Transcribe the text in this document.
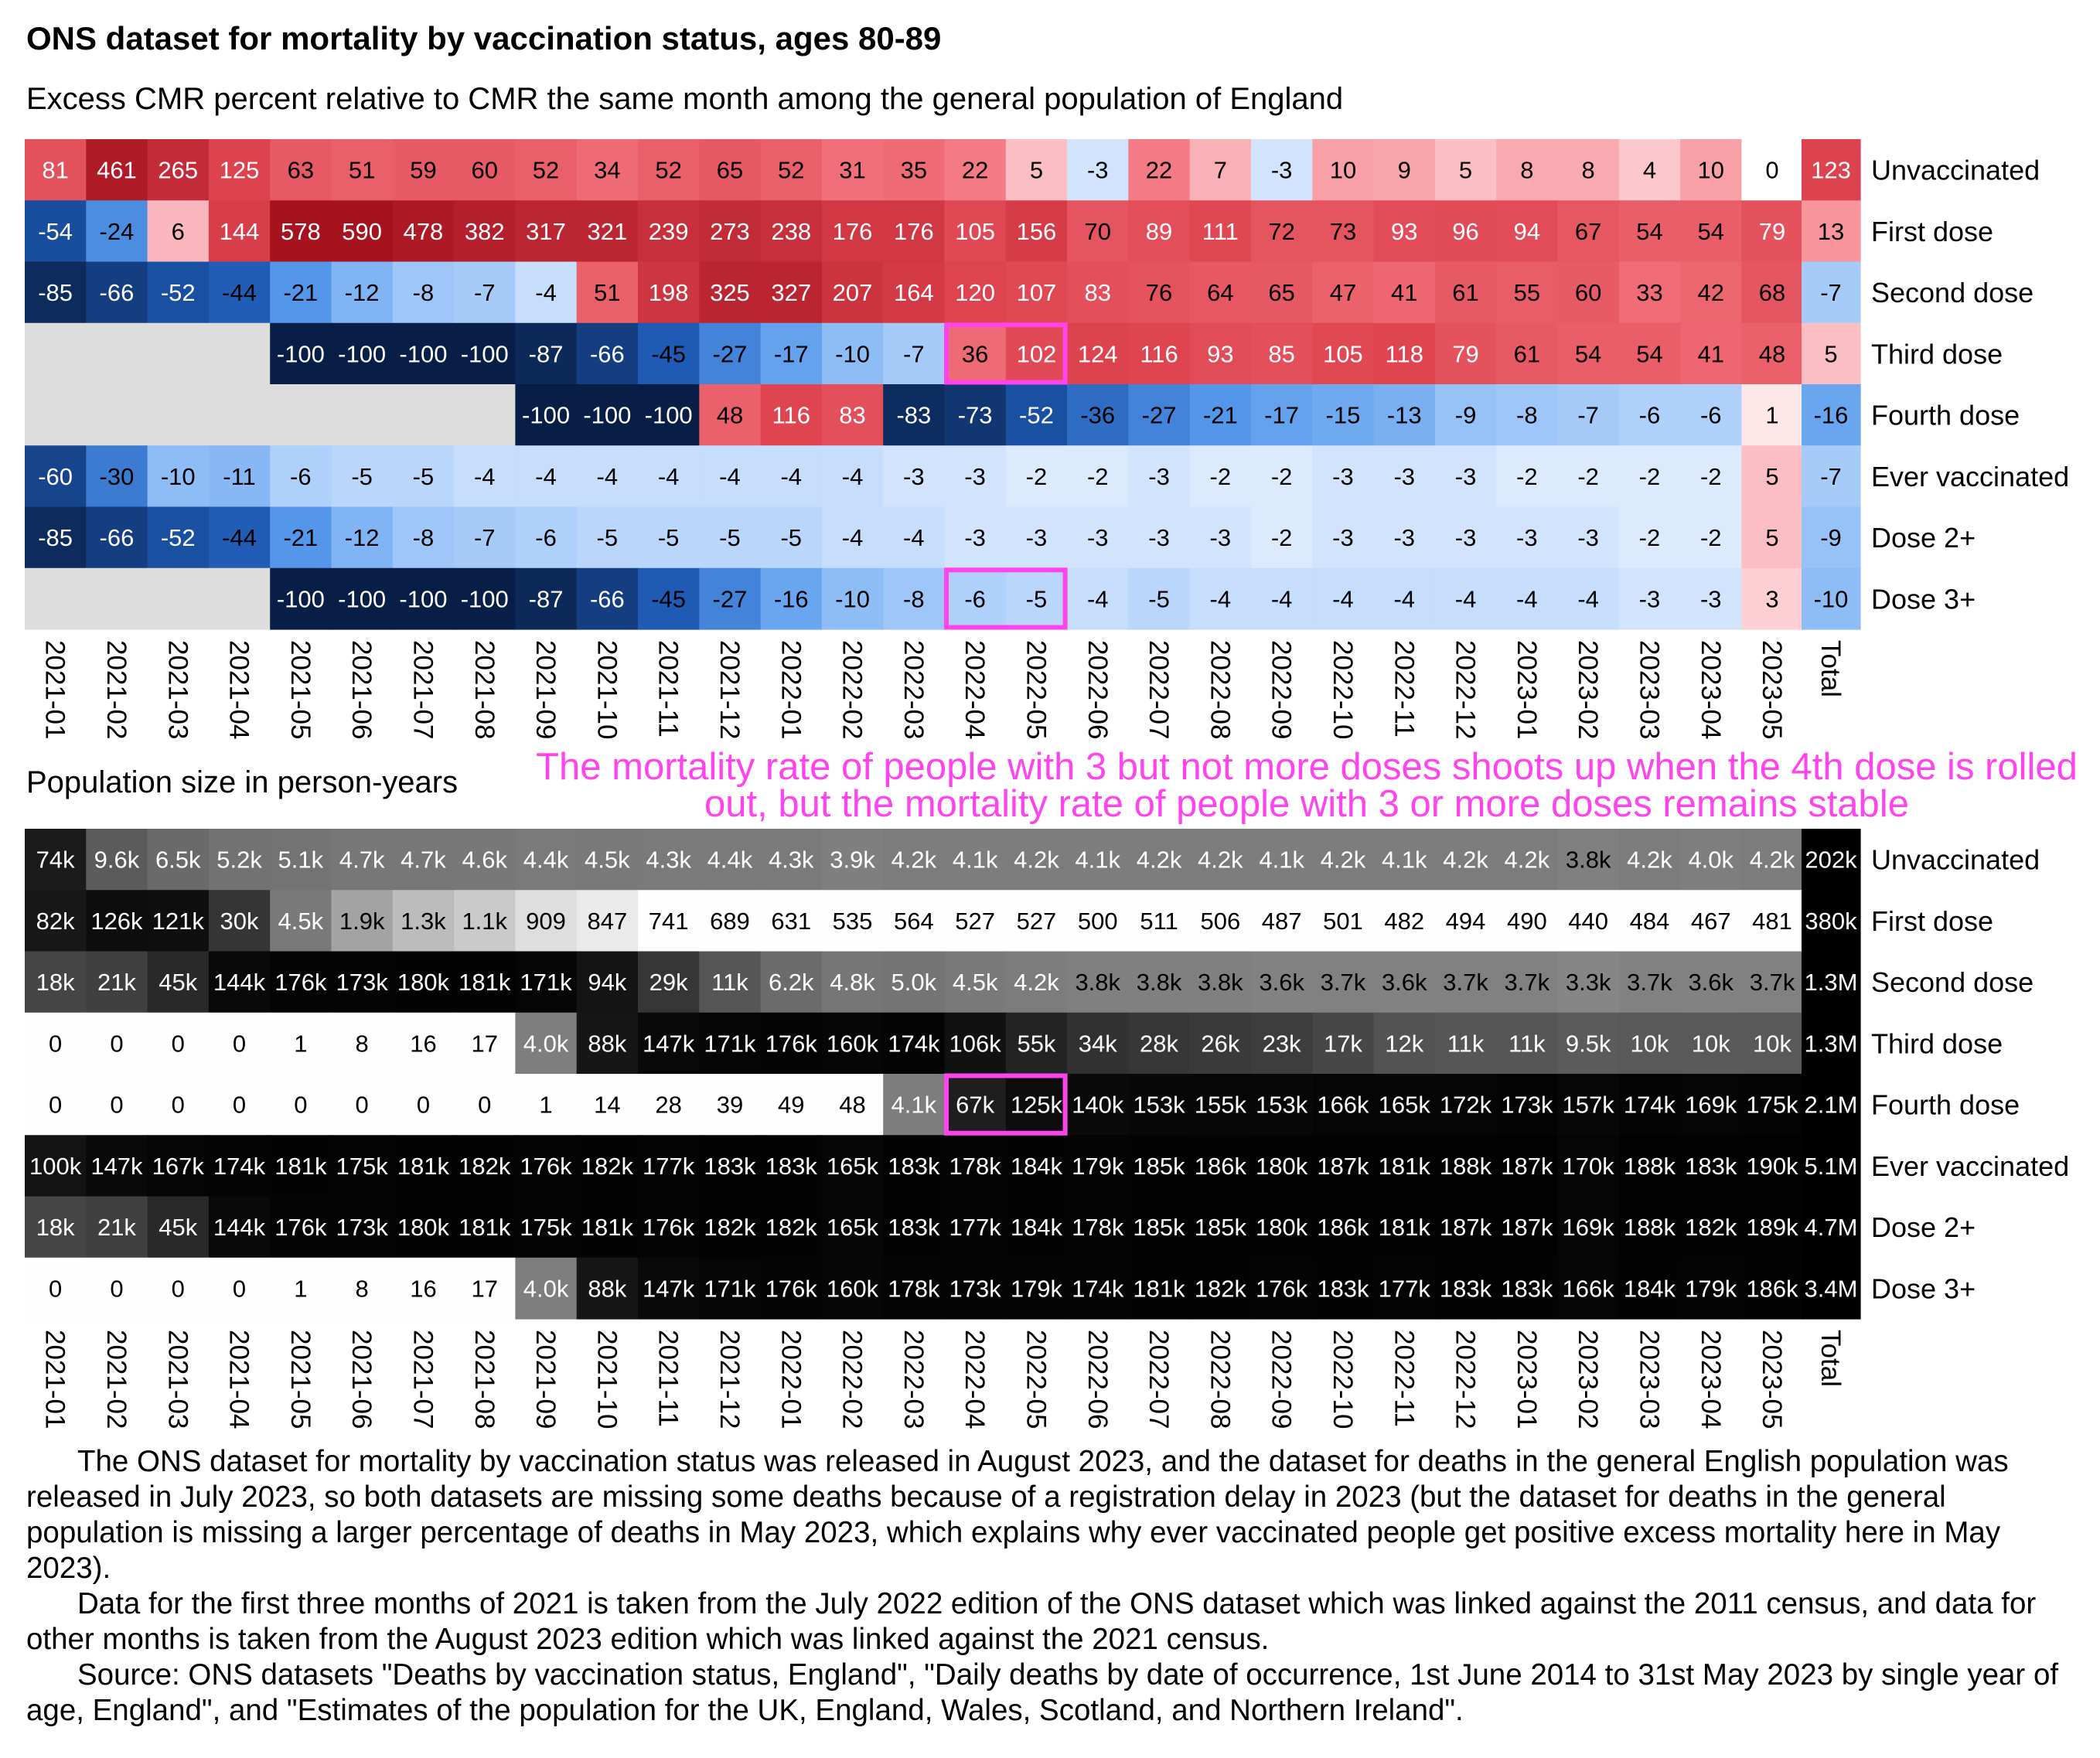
ONS dataset for mortality by vaccination status, ages 80-89
Excess CMR percent relative to CMR the same month among the general population of England
81 461 265 125 63 51 59 60 52 34 52 65 52 31 35 22 5 -3 22 7 -3 10 9 5 8 8 4 10 0 123 Unvaccinated
-54 -24 6 144 578 590 478 382 317 321 239 273 238 176 176 105 156 70 89 111 72 73 93 96 94 67 54 54 79 13 First dose
-85 -66 -52 -44 -21 -12 -8 -7 -4 51 198 325 327 207 164 120 107 83 76 64 65 47 41 61 55 60 33 42 68 -7 Second dose
-100 -100 -100 -100 -87 -66 -45 -27 -17 -10 -7 36 102 124 116 93 85 105 118 79 61 54 54 41 48 5 Third dose
-100 -100 -100 48 116 83 -83 -73 -52 -36 -27 -21 -17 -15 -13 -9 -8 -7 -6 -6 1 -16 Fourth dose
-60 -30 -10 -11 -6 -5 -5 -4 -4 -4 -4 -4 -4 -4 -3 -3 -2 -2 -3 -2 -2 -3 -3 -3 -2 -2 -2 -2 5 -7 Ever vaccinated
-85 -66 -52 -44 -21 -12 -8 -7 -6 -5 -5 -5 -5 -4 -4 -3 -3 -3 -3 -3 -2 -3 -3 -3 -3 -3 -2 -2 5 -9 Dose 2+
-100 -100 -100 -100 -87 -66 -45 -27 -16 -10 -8 -6 -5 -4 -5 -4 -4 -4 -4 -4 -4 -4 -3 -3 3 -10 Dose 3+
2021-01 2021-02 2021-03 2021-04 2021-05 2021-06 2021-07 2021-08 2021-09 2021-10 2021-11 2021-12 2022-01 2022-02 2022-03 2022-04 2022-05 2022-06 2022-07 2022-08 2022-09 2022-10 2022-11 2022-12 2023-01 2023-02 2023-03 2023-04 2023-05 Total
Population size in person-years	The mortality rate of people with 3 but not more doses shoots up when the 4th dose is rolled out, but the mortality rate of people with 3 or more doses remains stable
74k 9.6k 6.5k 5.2k 5.1k 4.7k 4.7k 4.6k 4.4k 4.5k 4.3k 4.4k 4.3k 3.9k 4.2k 4.1k 4.2k 4.1k 4.2k 4.2k 4.1k 4.2k 4.1k 4.2k 4.2k 3.8k 4.2k 4.0k 4.2k 202k Unvaccinated
82k 126k 121k 30k 4.5k 1.9k 1.3k 1.1k 909 847 741 689 631 535 564 527 527 500 511 506 487 501 482 494 490 440 484 467 481 380k First dose
18k 21k 45k 144k 176k 173k 180k 181k 171k 94k 29k 11k 6.2k 4.8k 5.0k 4.5k 4.2k 3.8k 3.8k 3.8k 3.6k 3.7k 3.6k 3.7k 3.7k 3.3k 3.7k 3.6k 3.7k 1.3M Second dose
0 0 0 0 1 8 16 17 4.0k 88k 147k 171k 176k 160k 174k 106k 55k 34k 28k 26k 23k 17k 12k 11k 11k 9.5k 10k 10k 10k 1.3M Third dose
0 0 0 0 0 0 0 0 1 14 28 39 49 48 4.1k 67k 125k 140k 153k 155k 153k 166k 165k 172k 173k 157k 174k 169k 175k 2.1M Fourth dose
100k 147k 167k 174k 181k 175k 181k 182k 176k 182k 177k 183k 183k 165k 183k 178k 184k 179k 185k 186k 180k 187k 181k 188k 187k 170k 188k 183k 190k 5.1M Ever vaccinated
18k 21k 45k 144k 176k 173k 180k 181k 175k 181k 176k 182k 182k 165k 183k 177k 184k 178k 185k 185k 180k 186k 181k 187k 187k 169k 188k 182k 189k 4.7M Dose 2+
0 0 0 0 1 8 16 17 4.0k 88k 147k 171k 176k 160k 178k 173k 179k 174k 181k 182k 176k 183k 177k 183k 183k 166k 184k 179k 186k 3.4M Dose 3+
2021-01 2021-02 2021-03 2021-04 2021-05 2021-06 2021-07 2021-08 2021-09 2021-10 2021-11 2021-12 2022-01 2022-02 2022-03 2022-04 2022-05 2022-06 2022-07 2022-08 2022-09 2022-10 2022-11 2022-12 2023-01 2023-02 2023-03 2023-04 2023-05 Total

The ONS dataset for mortality by vaccination status was released in August 2023, and the dataset for deaths in the general English population was released in July 2023, so both datasets are missing some deaths because of a registration delay in 2023 (but the dataset for deaths in the general population is missing a larger percentage of deaths in May 2023, which explains why ever vaccinated people get positive excess mortality here in May 2023).

Data for the first three months of 2021 is taken from the July 2022 edition of the ONS dataset which was linked against the 2011 census, and data for other months is taken from the August 2023 edition which was linked against the 2021 census.

Source: ONS datasets "Deaths by vaccination status, England", "Daily deaths by date of occurrence, 1st June 2014 to 31st May 2023 by single year of age, England", and "Estimates of the population for the UK, England, Wales, Scotland, and Northern Ireland".
